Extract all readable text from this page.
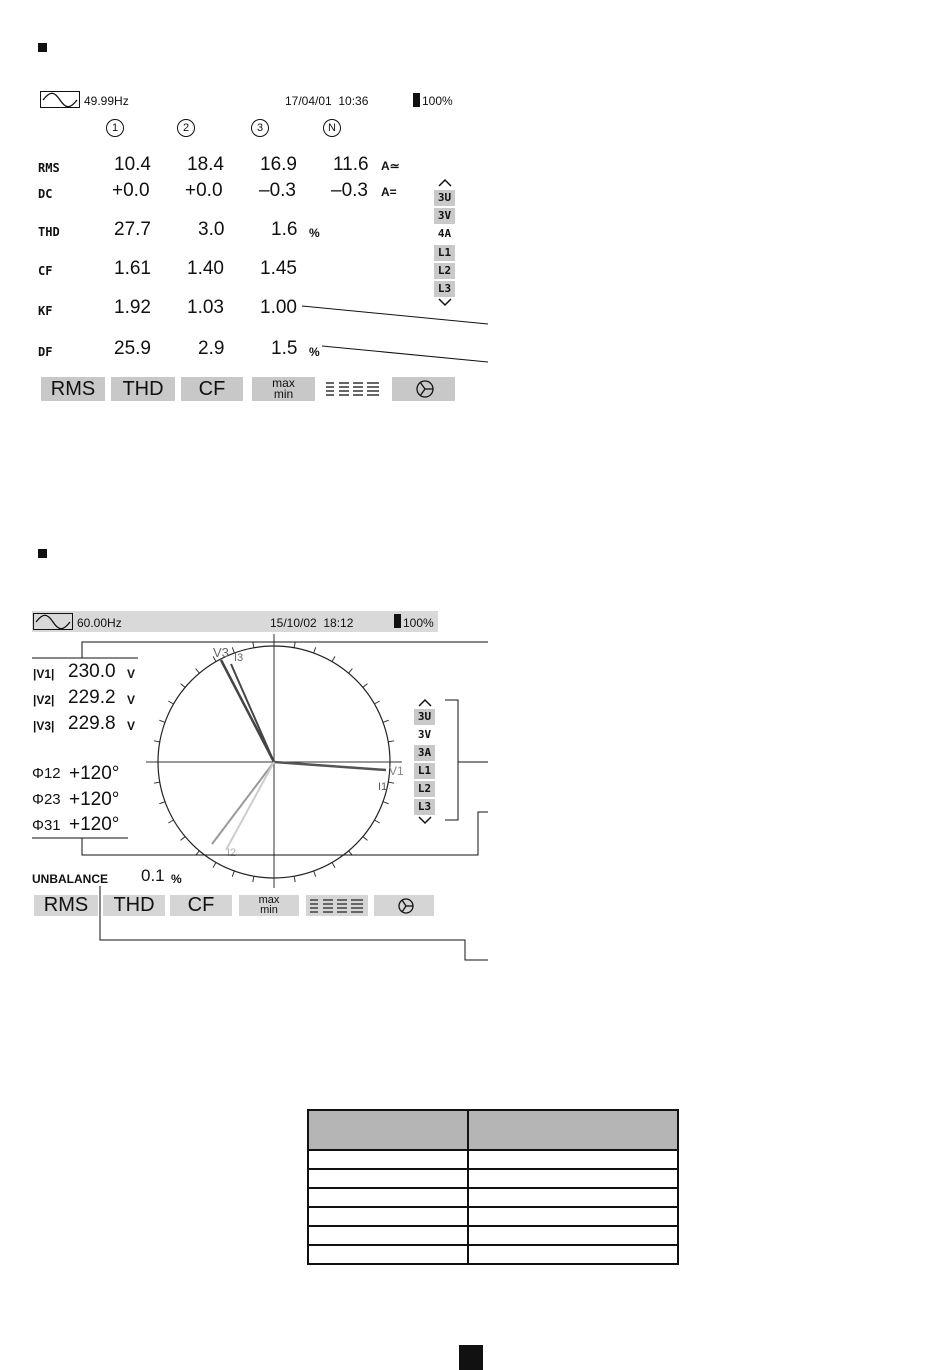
49.99Hz	17/04/01  10:36	100%
1	2	3	N
RMS	10.4 18.4 16.9 11.6 A≃
DC	+0.0 +0.0 –0.3 –0.3 A=
THD	27.7 3.0 1.6 %
CF	1.61 1.40 1.45
KF	1.92 1.03 1.00
DF	25.9 2.9 1.5 %
3U
3V
4A
L1
L2
L3
RMS	THD	CF	max
min
60.00Hz	15/10/02  18:12	100%
V1
I1
V3 I3
I2
|V1| 230.0 V
|V2| 229.2 V
|V3| 229.8 V
Φ12 +120°
Φ23 +120°
Φ31 +120°
UNBALANCE 0.1 %
3U
3V
3A
L1
L2
L3
RMS	THD	CF	max
min
